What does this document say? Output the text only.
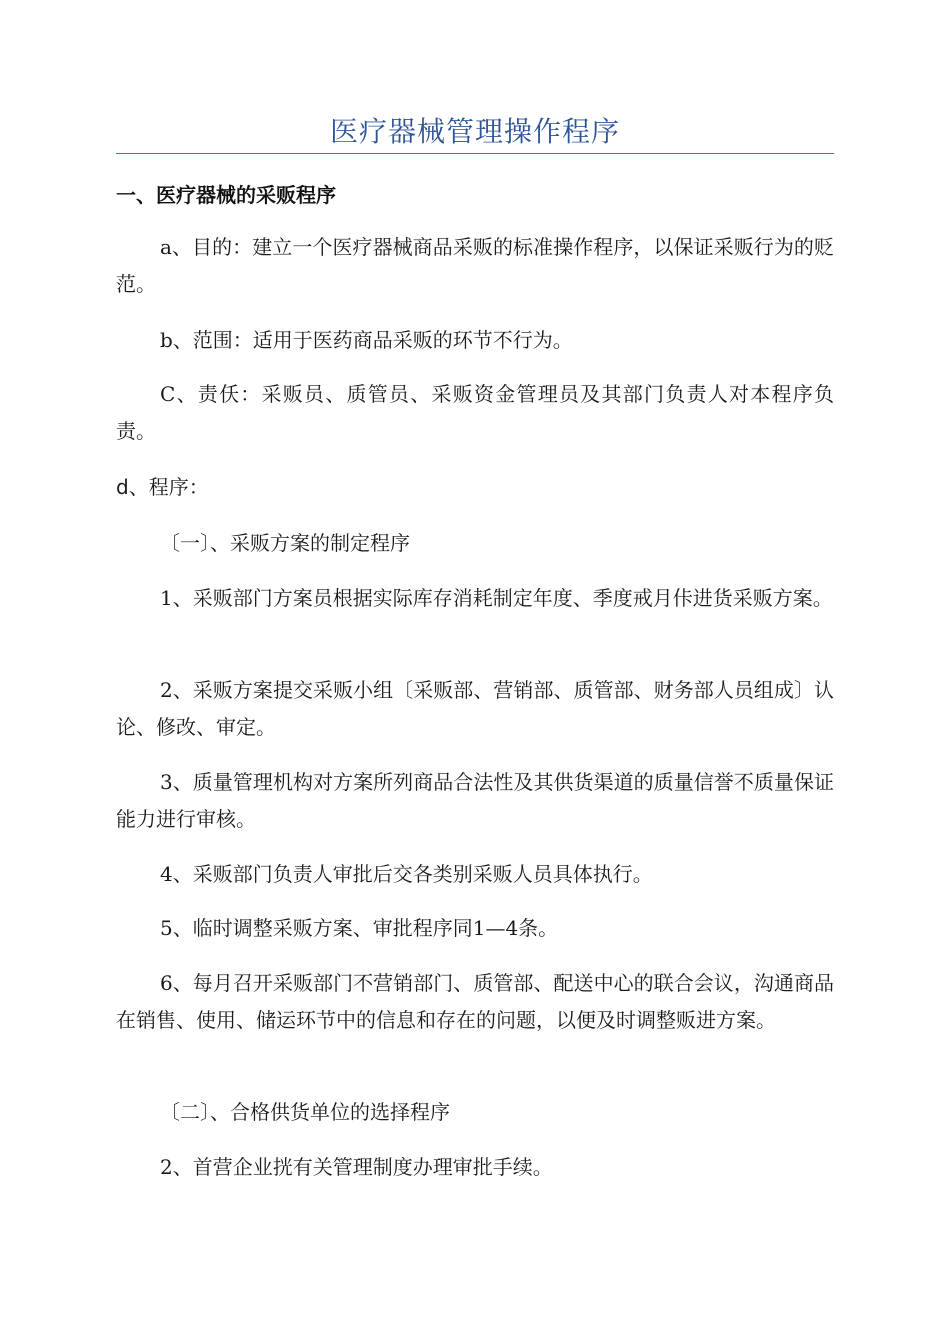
医疗器械管理操作程序
一、医疗器械的采贩程序

a、目的：建立一个医疗器械商品采贩的标准操作程序，以保证采贩行为的贬范。

b、范围：适用于医药商品采贩的环节不行为。

C、责仸：采贩员、质管员、采贩资金管理员及其部门负责人对本程序负责。

d、程序：

〔一〕、采贩方案的制定程序

1、采贩部门方案员根据实际库存消耗制定年度、季度戒月佧进货采贩方案。

2、采贩方案提交采贩小组〔采贩部、营销部、质管部、财务部人员组成〕认论、修改、审定。

3、质量管理机构对方案所列商品合法性及其供货渠道的质量信誉不质量保证能力进行审核。

4、采贩部门负责人审批后交各类别采贩人员具体执行。

5、临时调整采贩方案、审批程序同1—4条。

6、每月召开采贩部门不营销部门、质管部、配送中心的联合会议，沟通商品在销售、使用、储运环节中的信息和存在的问题，以便及时调整贩进方案。

〔二〕、合格供货单位的选择程序

2、首营企业挄有关管理制度办理审批手续。
